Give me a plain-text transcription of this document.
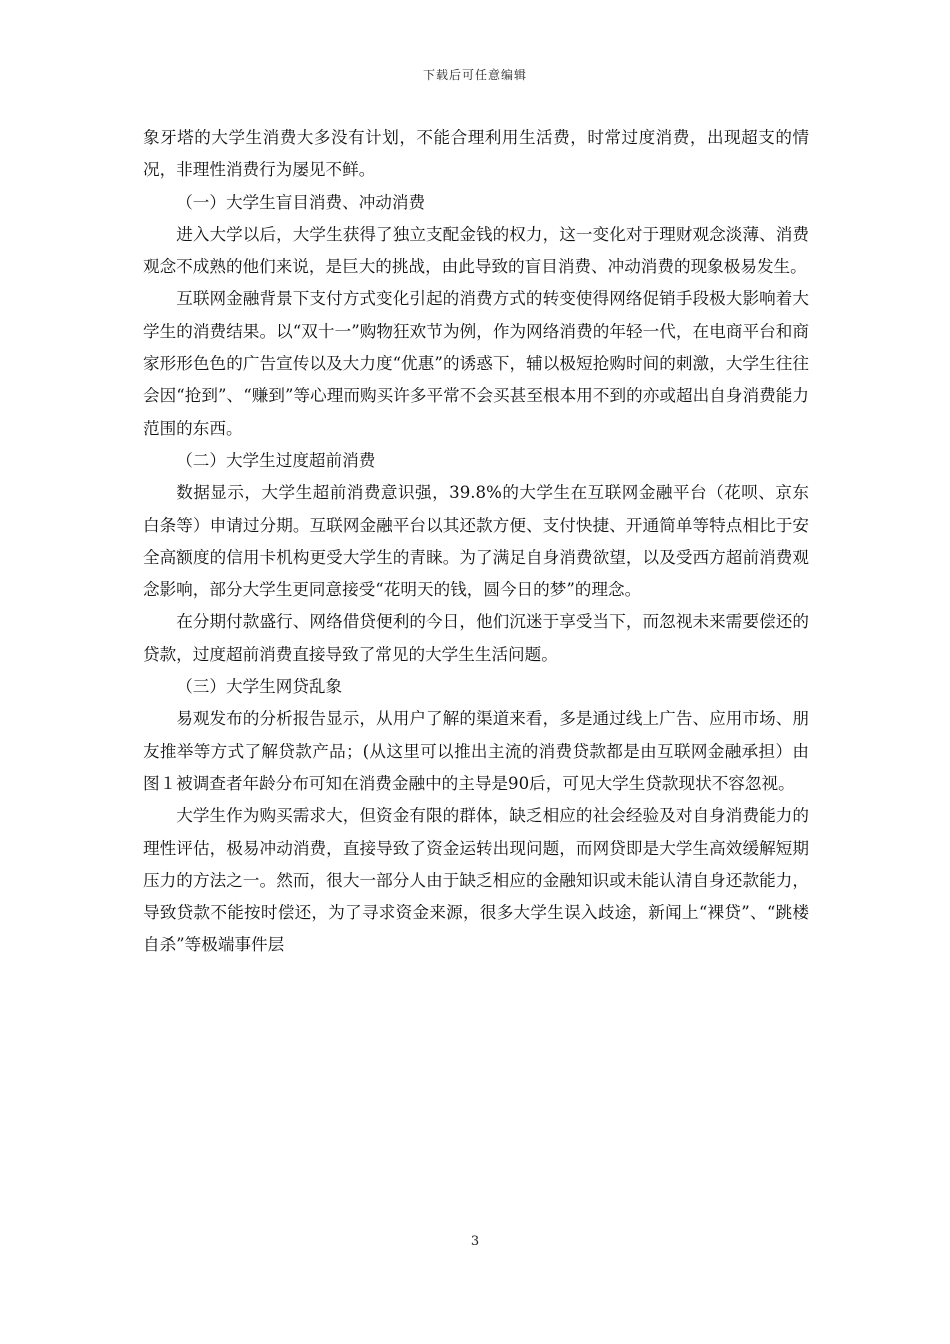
下载后可任意编辑

象牙塔的大学生消费大多没有计划，不能合理利用生活费，时常过度消费，出现超支的情况，非理性消费行为屡见不鲜。

（一）大学生盲目消费、冲动消费

进入大学以后，大学生获得了独立支配金钱的权力，这一变化对于理财观念淡薄、消费观念不成熟的他们来说，是巨大的挑战，由此导致的盲目消费、冲动消费的现象极易发生。

互联网金融背景下支付方式变化引起的消费方式的转变使得网络促销手段极大影响着大学生的消费结果。以“双十一”购物狂欢节为例，作为网络消费的年轻一代，在电商平台和商家形形色色的广告宣传以及大力度“优惠”的诱惑下，辅以极短抢购时间的刺激，大学生往往会因“抢到”、“赚到”等心理而购买许多平常不会买甚至根本用不到的亦或超出自身消费能力范围的东西。

（二）大学生过度超前消费

数据显示，大学生超前消费意识强，39.8%的大学生在互联网金融平台（花呗、京东白条等）申请过分期。互联网金融平台以其还款方便、支付快捷、开通简单等特点相比于安全高额度的信用卡机构更受大学生的青睐。为了满足自身消费欲望，以及受西方超前消费观念影响，部分大学生更同意接受“花明天的钱，圆今日的梦”的理念。

在分期付款盛行、网络借贷便利的今日，他们沉迷于享受当下，而忽视未来需要偿还的贷款，过度超前消费直接导致了常见的大学生生活问题。

（三）大学生网贷乱象

易观发布的分析报告显示，从用户了解的渠道来看，多是通过线上广告、应用市场、朋友推举等方式了解贷款产品；(从这里可以推出主流的消费贷款都是由互联网金融承担）由图１被调查者年龄分布可知在消费金融中的主导是90后，可见大学生贷款现状不容忽视。

大学生作为购买需求大，但资金有限的群体，缺乏相应的社会经验及对自身消费能力的理性评估，极易冲动消费，直接导致了资金运转出现问题，而网贷即是大学生高效缓解短期压力的方法之一。然而，很大一部分人由于缺乏相应的金融知识或未能认清自身还款能力，导致贷款不能按时偿还，为了寻求资金来源，很多大学生误入歧途，新闻上“裸贷”、“跳楼自杀”等极端事件层

3
